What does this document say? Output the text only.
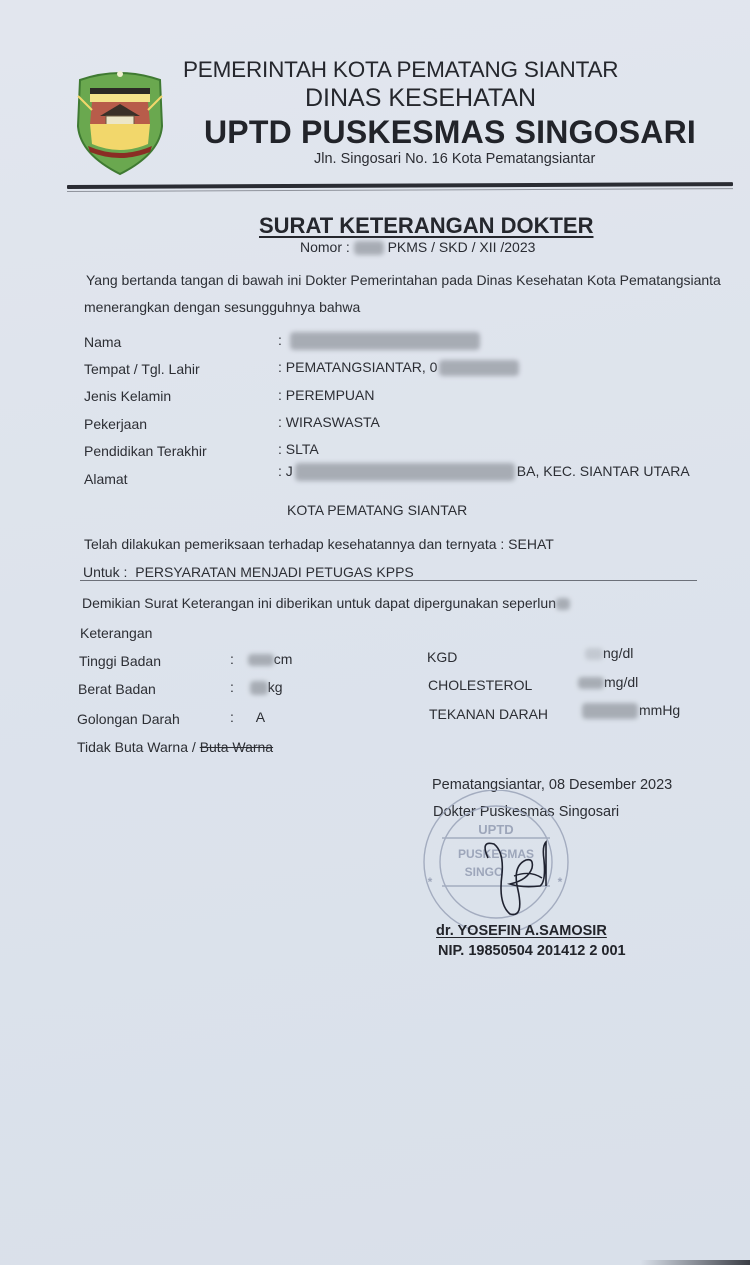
PEMERINTAH KOTA PEMATANG SIANTAR
DINAS KESEHATAN
UPTD PUSKESMAS SINGOSARI
Jln. Singosari No. 16 Kota Pematangsiantar
SURAT KETERANGAN DOKTER
Nomor :	PKMS / SKD / XII /2023
Yang bertanda tangan di bawah ini Dokter Pemerintahan pada Dinas Kesehatan Kota Pematangsianta
menerangkan dengan sesungguhnya bahwa
Nama	:
Tempat / Tgl. Lahir	: PEMATANGSIANTAR, 0
Jenis Kelamin	: PEREMPUAN
Pekerjaan	: WIRASWASTA
Pendidikan Terakhir	: SLTA
Alamat	: J	BA, KEC. SIANTAR UTARA
KOTA PEMATANG SIANTAR
Telah dilakukan pemeriksaan terhadap kesehatannya dan ternyata : SEHAT
Untuk : PERSYARATAN MENJADI PETUGAS KPPS
Demikian Surat Keterangan ini diberikan untuk dapat dipergunakan seperlun
Keterangan
Tinggi Badan	:	cm
Berat Badan	: kg
Golongan Darah	: A
KGD	ng/dl
CHOLESTEROL	mg/dl
TEKANAN DARAH	mmHg
Tidak Buta Warna / Buta Warna
Pematangsiantar, 08 Desember 2023
Dokter Puskesmas Singosari
UPTD
PUSKESMAS
SINGO
*	*
dr. YOSEFIN A.SAMOSIR
NIP. 19850504 201412 2 001
